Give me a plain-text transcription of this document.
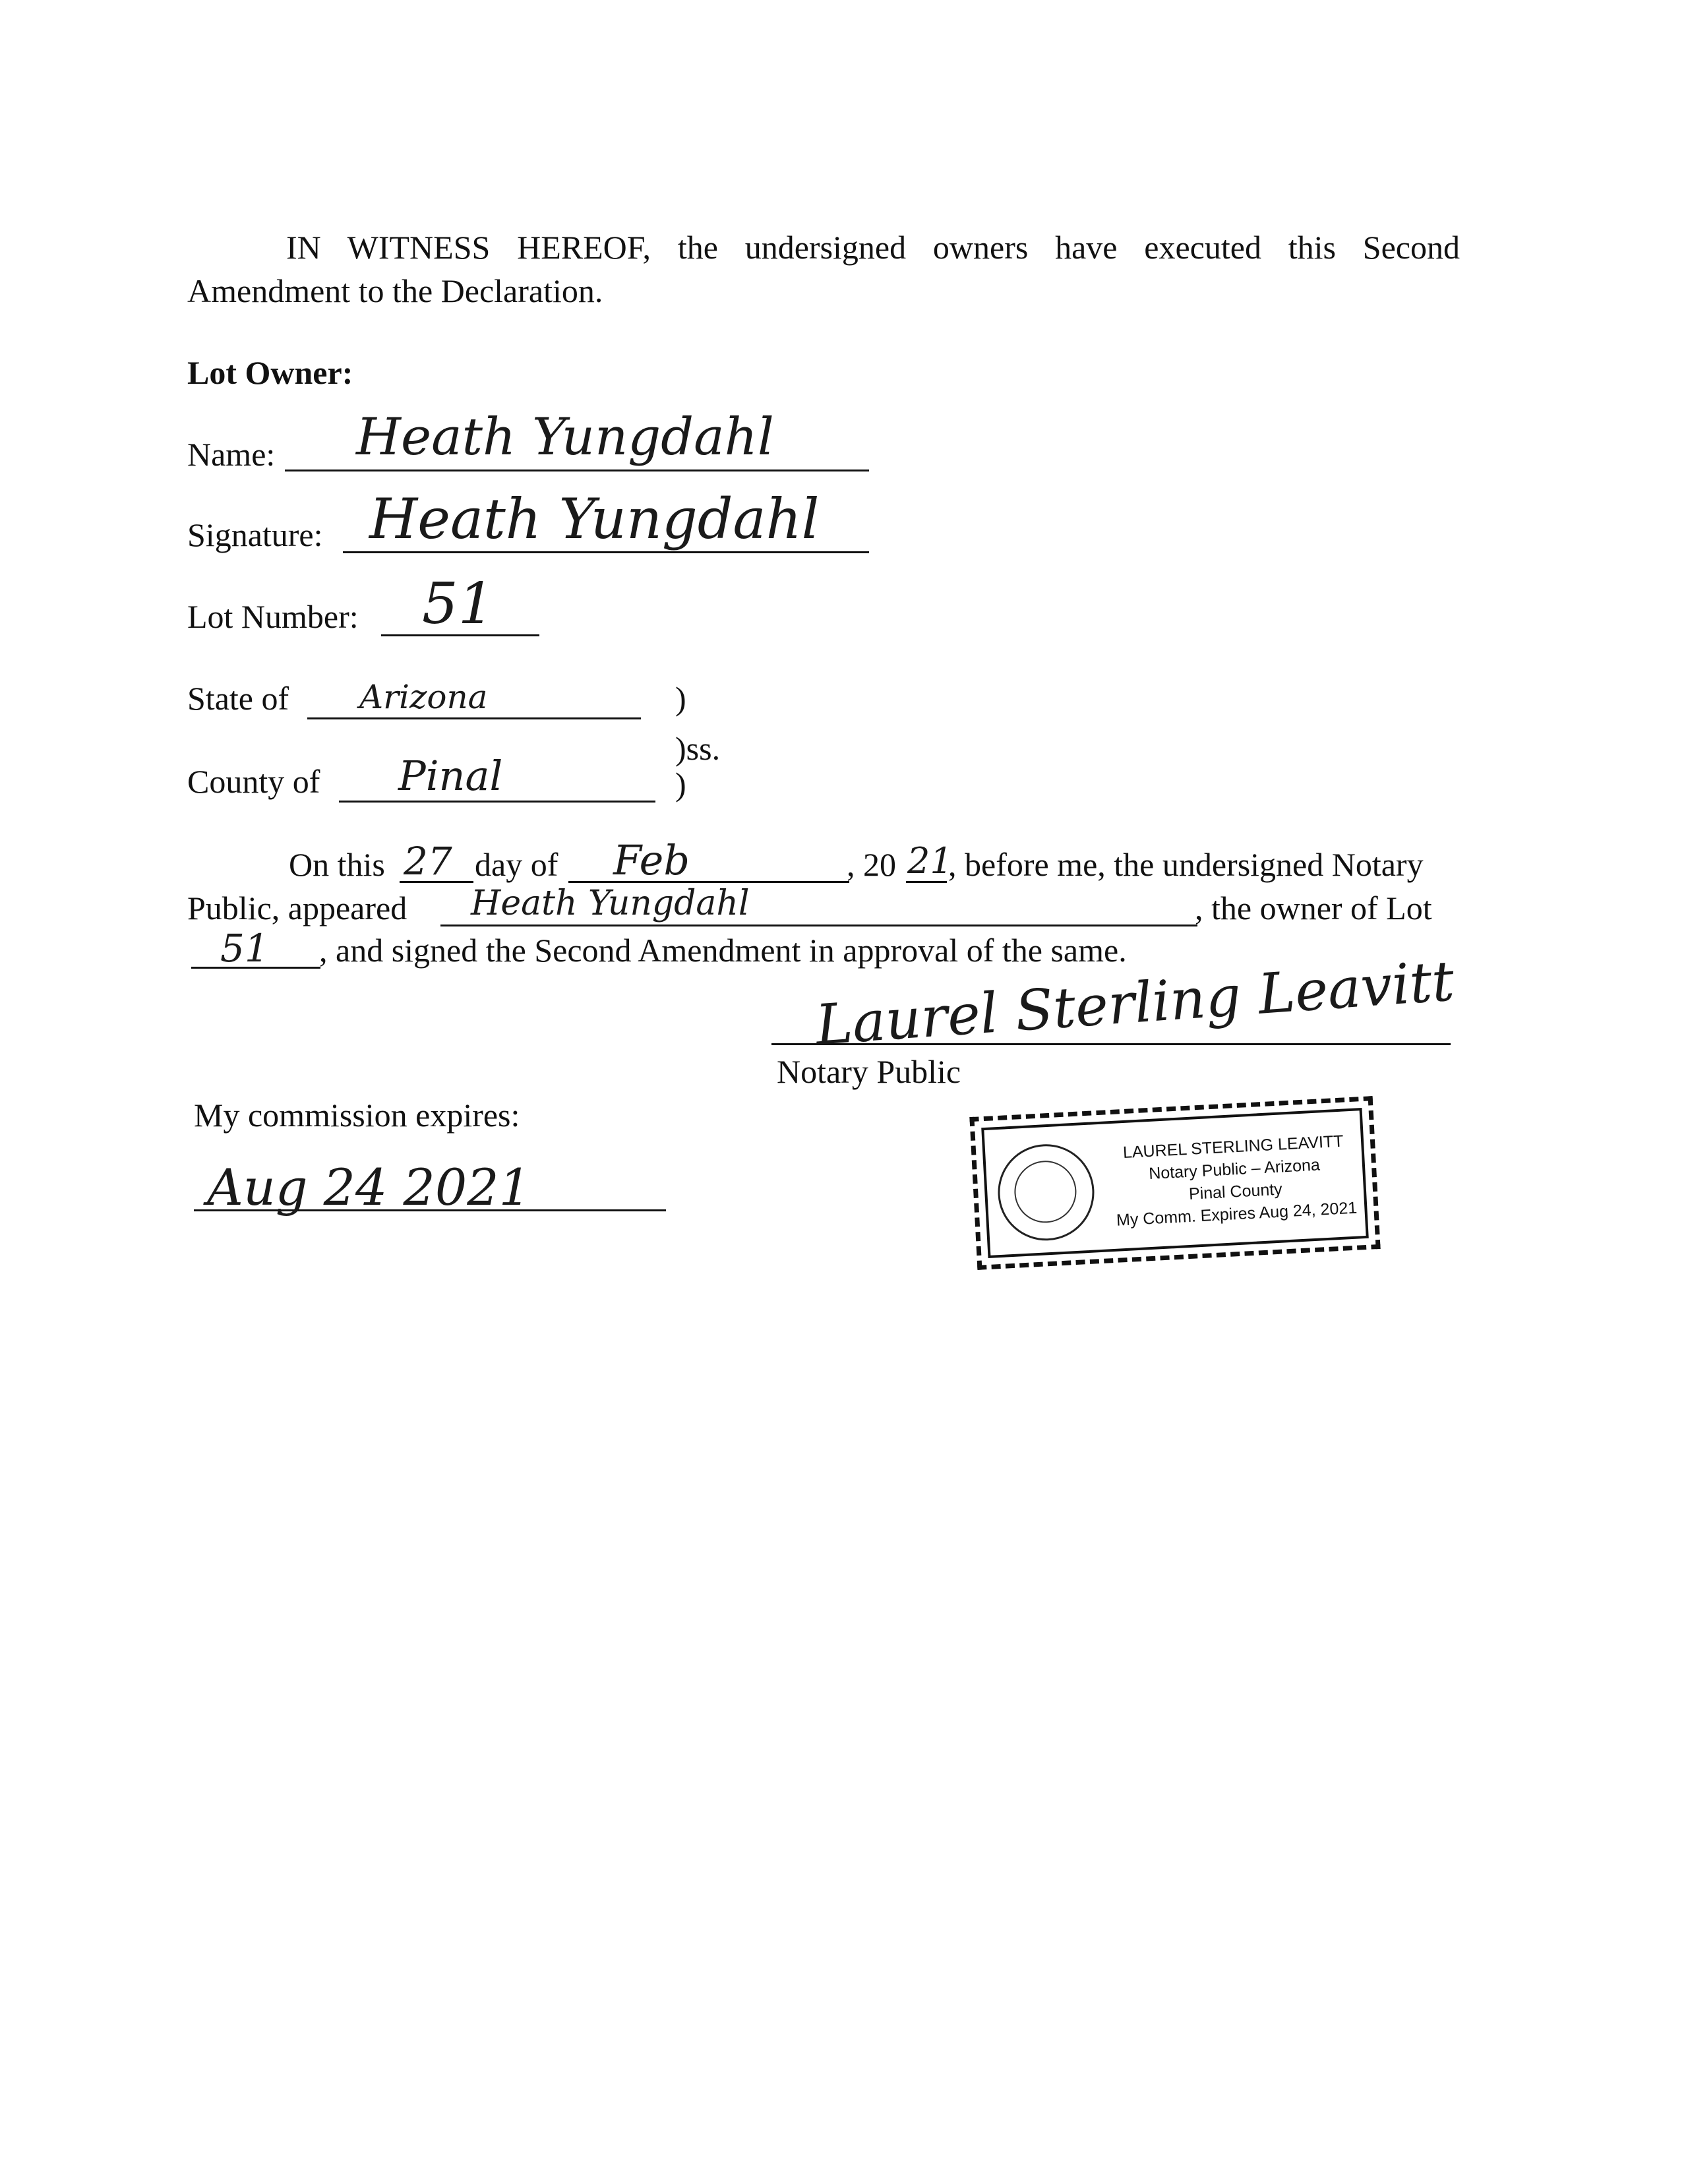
IN WITNESS HEREOF, the undersigned owners have executed this Second Amendment to the Declaration.
Lot Owner:
Name: Heath Yungdahl
Signature: Heath Yungdahl
Lot Number: 51
State of Arizona	)
)ss.
County of Pinal	)
On this 27 day of Feb	, 20 21
, before me, the undersigned Notary
Public, appeared Heath Yungdahl	, the owner of Lot
51 , and signed the Second Amendment in approval of the same.
Laurel Sterling Leavitt
Notary Public
My commission expires:
Aug 24 2021
LAUREL STERLING LEAVITT
Notary Public – Arizona
Pinal County
My Comm. Expires Aug 24, 2021
